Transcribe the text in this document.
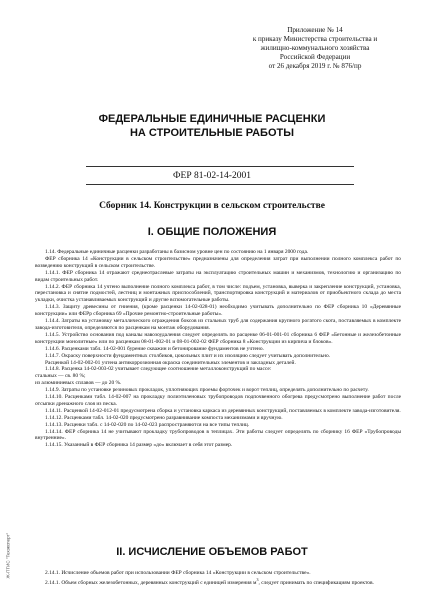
Приложение № 14
к приказу Министерства строительства и
жилищно-коммунального хозяйства
Российской Федерации
от 26 декабря 2019 г. № 876/пр
ФЕДЕРАЛЬНЫЕ ЕДИНИЧНЫЕ РАСЦЕНКИ
НА СТРОИТЕЛЬНЫЕ РАБОТЫ
ФЕР 81-02-14-2001
Сборник 14. Конструкции в сельском строительстве
I. ОБЩИЕ ПОЛОЖЕНИЯ

1.14. Федеральные единичные расценки разработаны в базисном уровне цен по состоянию на 1 января 2000 года.

ФЕР сборника 14 «Конструкции в сельском строительстве» предназначены для определения затрат при выполнении полного комплекса работ по возведению конструкций в сельском строительстве.

1.14.1. ФЕР сборника 14 отражают среднеотраслевые затраты на эксплуатацию строительных машин и механизмов, технологию и организацию по видам строительных работ.

1.14.2. ФЕР сборника 14 учтено выполнение полного комплекса работ, в том числе: подъем, установка, выверка и закрепление конструкций, установка, перестановка и снятие подмостей, лестниц и монтажных приспособлений, транспортировка конструкций и материалов от приобъектного склада до места укладки, очистка устанавливаемых конструкций и другие вспомогательные работы.

1.14.3. Защиту древесины от гниения, (кроме расценки 14-02-028-01) необходимо учитывать дополнительно по ФЕР сборника 10 «Деревянные конструкции» или ФЕРр сборника 69 «Прочие ремонтно-строительные работы».

1.14.4. Затраты на установку металлического ограждения боксов из стальных труб для содержания крупного рогатого скота, поставляемых в комплекте завода-изготовителя, определяются по расценкам на монтаж оборудования.

1.14.5. Устройство основания под каналы навозоудаления следует определять по расценке 06-01-001-01 сборника 6 ФЕР «Бетонные и железобетонные конструкции монолитные» или по расценкам 08-01-002-01 и 08-01-002-02 ФЕР сборника 8 «Конструкции из кирпича и блоков».

1.14.6. Расценками табл. 14-02-001 бурение скважин и бетонирование фундаментов не учтено.

1.14.7. Окраску поверхности фундаментных столбиков, цокольных плит и их изоляцию следует учитывать дополнительно.

Расценкой 14-02-002-01 учтена антикоррозионная окраска соединительных элементов и закладных деталей.

1.14.8. Расценка 14-02-003-02 учитывает следующее соотношение металлоконструкций по массе:

стальных — св. 80 %;

из алюминиевых сплавов — до 20 %.

1.14.9. Затраты по установке резиновых прокладок, уплотняющих проемы форточек и ворот теплиц, определять дополнительно по расчету.

1.14.10. Расценками табл. 14-02-007 на прокладку полиэтиленовых трубопроводов подпочвенного обогрева предусмотрено выполнение работ после отсыпки дренажного слоя из песка.

1.14.11. Расценкой 14-02-012-01 предусмотрена сборка и установка каркаса из деревянных конструкций, поставляемых в комплекте завода-изготовителя.

1.14.12. Расценками табл. 14-02-020 предусмотрено разравнивание компоста механизмами и вручную.

1.14.13. Расценки табл. с 14-02-020 по 14-02-023 распространяются на все типы теплиц.

1.14.14. ФЕР сборника 14 не учитывают прокладку трубопроводов в теплицах. Эти работы следует определять по сборнику 16 ФЕР «Трубопроводы внутренние».

1.14.15. Указанный в ФЕР сборника 14 размер «до» включает в себя этот размер.

II. ИСЧИСЛЕНИЕ ОБЪЕМОВ РАБОТ

2.14.1. Исчисление объемов работ при использовании ФЕР сборника 14 «Конструкции в сельском строительстве».

2.14.1. Объем сборных железобетонных, деревянных конструкций с единицей измерения $м^3$, следует принимать по спецификациям проектов.

Ж-ПТИС "Техэксперт"
